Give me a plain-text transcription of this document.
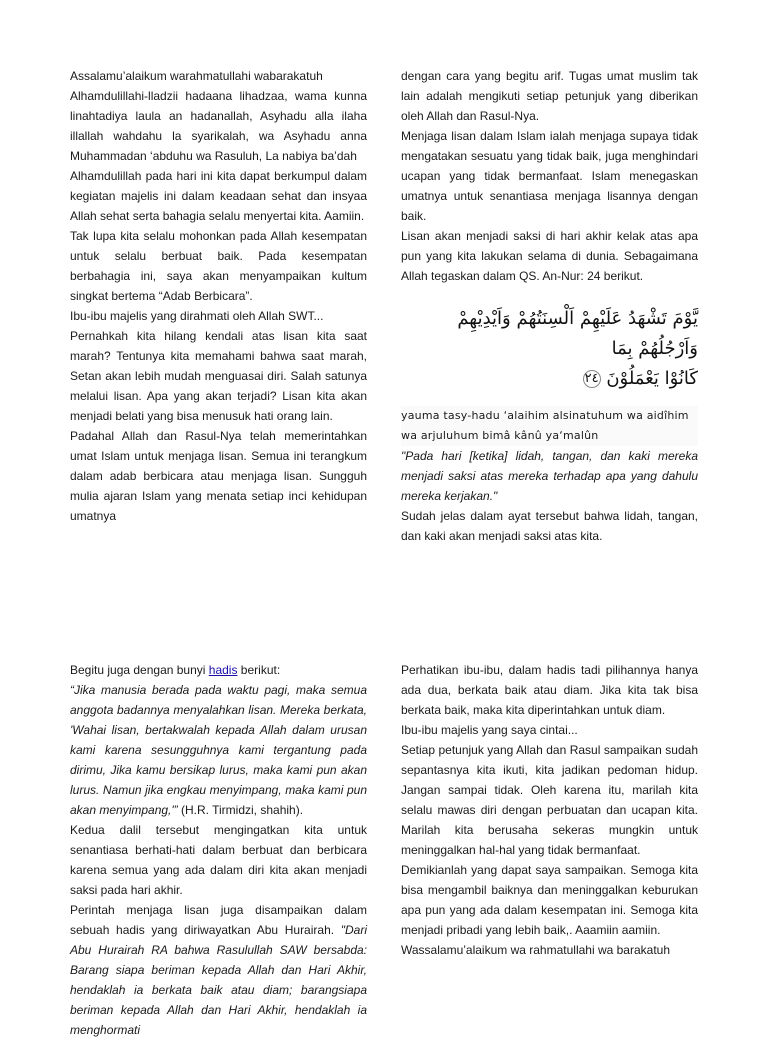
Assalamu’alaikum warahmatullahi wabarakatuh

Alhamdulillahi-lladzii hadaana lihadzaa, wama kunna linahtadiya laula an hadanallah, Asyhadu alla ilaha illallah wahdahu la syarikalah, wa Asyhadu anna Muhammadan ‘abduhu wa Rasuluh, La nabiya ba’dah

Alhamdulillah pada hari ini kita dapat berkumpul dalam kegiatan majelis ini dalam keadaan sehat dan insyaa Allah sehat serta bahagia selalu menyertai kita. Aamiin.

Tak lupa kita selalu mohonkan pada Allah kesempatan untuk selalu berbuat baik. Pada kesempatan berbahagia ini, saya akan menyampaikan kultum singkat bertema “Adab Berbicara”.

Ibu-ibu majelis yang dirahmati oleh Allah SWT...

Pernahkah kita hilang kendali atas lisan kita saat marah? Tentunya kita memahami bahwa saat marah, Setan akan lebih mudah menguasai diri. Salah satunya melalui lisan. Apa yang akan terjadi? Lisan kita akan menjadi belati yang bisa menusuk hati orang lain.

Padahal Allah dan Rasul-Nya telah memerintahkan umat Islam untuk menjaga lisan. Semua ini terangkum dalam adab berbicara atau menjaga lisan. Sungguh mulia ajaran Islam yang menata setiap inci kehidupan umatnya

dengan cara yang begitu arif. Tugas umat muslim tak lain adalah mengikuti setiap petunjuk yang diberikan oleh Allah dan Rasul-Nya.

Menjaga lisan dalam Islam ialah menjaga supaya tidak mengatakan sesuatu yang tidak baik, juga menghindari ucapan yang tidak bermanfaat. Islam menegaskan umatnya untuk senantiasa menjaga lisannya dengan baik.

Lisan akan menjadi saksi di hari akhir kelak atas apa pun yang kita lakukan selama di dunia. Sebagaimana Allah tegaskan dalam QS. An-Nur: 24 berikut.

يَّوْمَ تَشْهَدُ عَلَيْهِمْ اَلْسِنَتُهُمْ وَاَيْدِيْهِمْ وَاَرْجُلُهُمْ بِمَا
كَانُوْا يَعْمَلُوْنَ ٢٤

yauma tasy-hadu ‘alaihim alsinatuhum wa aidîhim wa arjuluhum bimâ kânû ya‘malûn

"Pada hari [ketika] lidah, tangan, dan kaki mereka menjadi saksi atas mereka terhadap apa yang dahulu mereka kerjakan."

Sudah jelas dalam ayat tersebut bahwa lidah, tangan, dan kaki akan menjadi saksi atas kita.

Begitu juga dengan bunyi hadis berikut:

“Jika manusia berada pada waktu pagi, maka semua anggota badannya menyalahkan lisan. Mereka berkata, 'Wahai lisan, bertakwalah kepada Allah dalam urusan kami karena sesungguhnya kami tergantung pada dirimu, Jika kamu bersikap lurus, maka kami pun akan lurus. Namun jika engkau menyimpang, maka kami pun akan menyimpang,'” (H.R. Tirmidzi, shahih).

Kedua dalil tersebut mengingatkan kita untuk senantiasa berhati-hati dalam berbuat dan berbicara karena semua yang ada dalam diri kita akan menjadi saksi pada hari akhir.

Perintah menjaga lisan juga disampaikan dalam sebuah hadis yang diriwayatkan Abu Hurairah. "Dari Abu Hurairah RA bahwa Rasulullah SAW bersabda: Barang siapa beriman kepada Allah dan Hari Akhir, hendaklah ia berkata baik atau diam; barangsiapa beriman kepada Allah dan Hari Akhir, hendaklah ia menghormati

Perhatikan ibu-ibu, dalam hadis tadi pilihannya hanya ada dua, berkata baik atau diam. Jika kita tak bisa berkata baik, maka kita diperintahkan untuk diam.

Ibu-ibu majelis yang saya cintai...

Setiap petunjuk yang Allah dan Rasul sampaikan sudah sepantasnya kita ikuti, kita jadikan pedoman hidup. Jangan sampai tidak. Oleh karena itu, marilah kita selalu mawas diri dengan perbuatan dan ucapan kita. Marilah kita berusaha sekeras mungkin untuk meninggalkan hal-hal yang tidak bermanfaat.

Demikianlah yang dapat saya sampaikan. Semoga kita bisa mengambil baiknya dan meninggalkan keburukan apa pun yang ada dalam kesempatan ini. Semoga kita menjadi pribadi yang lebih baik,. Aaamiin aamiin.

Wassalamu’alaikum wa rahmatullahi wa barakatuh
